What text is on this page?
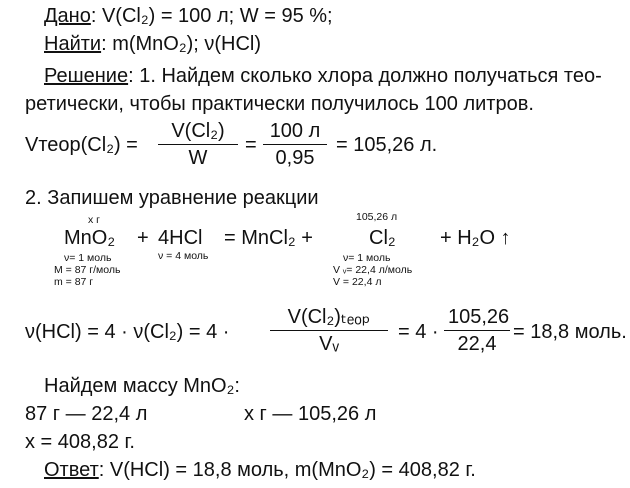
Дано: V(Cl₂) = 100 л; W = 95 %;
Найти: m(MnO₂); ν(HCl)
Решение: 1. Найдем сколько хлора должно получаться тео-
ретически, чтобы практически получилось 100 литров.
Vтеор(Cl₂) = $\frac{\text{V(Cl₂)}}{W}$ =
100 л
0,95
= 105,26 л.
2. Запишем уравнение реакции
x г	105,26 л
MnO₂ + 4HCl = MnCl₂ +	Cl₂ + H₂O ↑
ν= 1 моль
M = 87 г/моль
m = 87 г
ν = 4 моль	ν= 1 моль
V ᵥ= 22,4 л/моль
V = 22,4 л
ν(HCl) = 4 · ν(Cl₂) = 4 ·
V(Cl₂)ₜₑₒₚ
Vᵥ
= $4 \cdot \frac{105,26}{22,4} = 18,8$ моль.
Найдем массу MnO₂:
87 г — 22,4 л	x г — 105,26 л
x = 408,82 г.
Ответ: V(HCl) = 18,8 моль, m(MnO₂) = 408,82 г.
